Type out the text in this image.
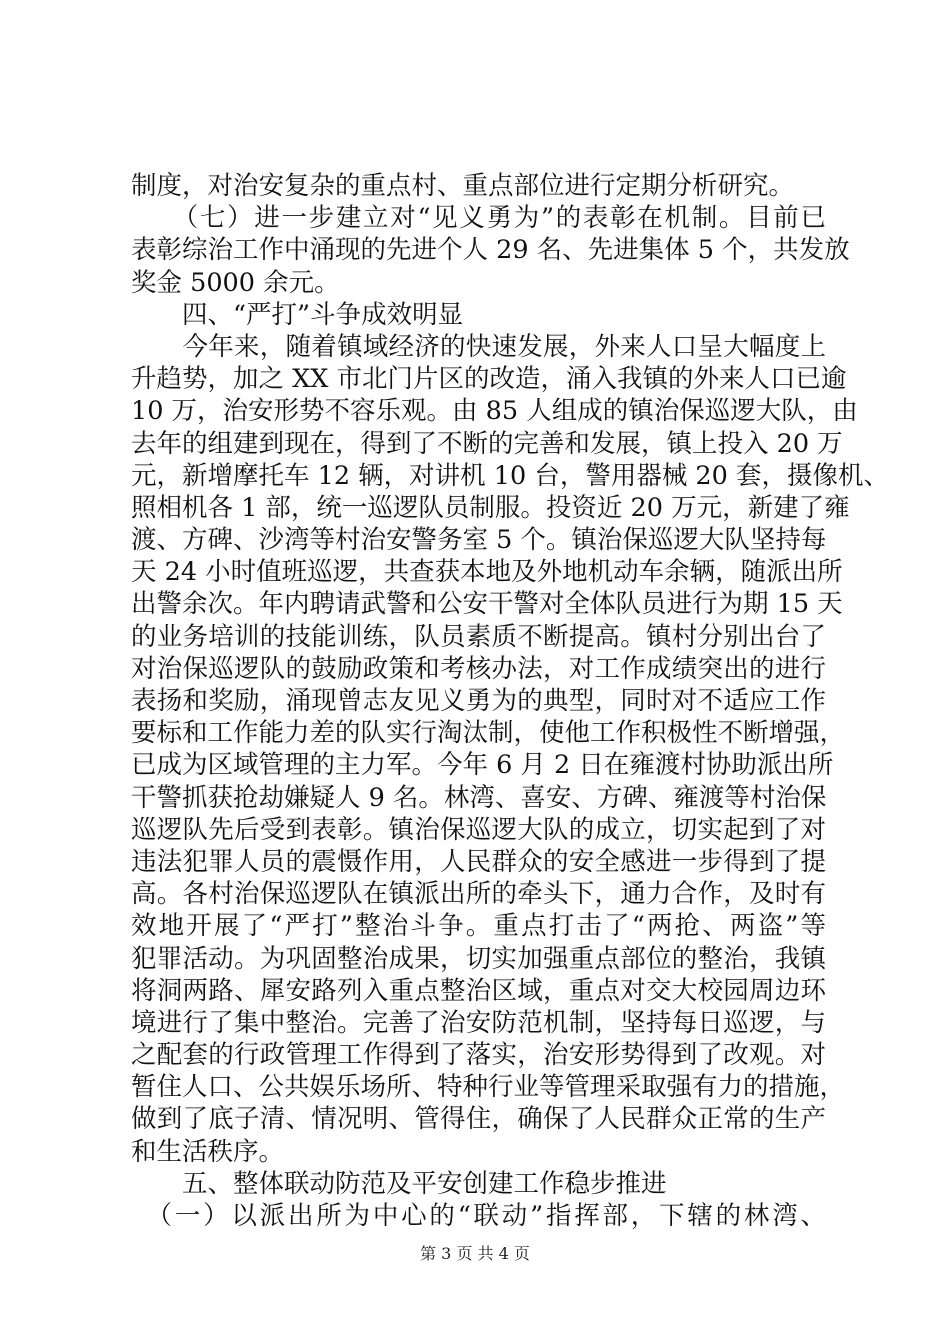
制度，对治安复杂的重点村、重点部位进行定期分析研究。
　　（七）进一步建立对“见义勇为”的表彰在机制。目前已
表彰综治工作中涌现的先进个人 29 名、先进集体 5 个，共发放
奖金 5000 余元。
　　四、“严打”斗争成效明显
　　今年来，随着镇域经济的快速发展，外来人口呈大幅度上
升趋势，加之 XX 市北门片区的改造，涌入我镇的外来人口已逾
10 万，治安形势不容乐观。由 85 人组成的镇治保巡逻大队，由
去年的组建到现在，得到了不断的完善和发展，镇上投入 20 万
元，新增摩托车 12 辆，对讲机 10 台，警用器械 20 套，摄像机、
照相机各 1 部，统一巡逻队员制服。投资近 20 万元，新建了雍
渡、方碑、沙湾等村治安警务室 5 个。镇治保巡逻大队坚持每
天 24 小时值班巡逻，共查获本地及外地机动车余辆，随派出所
出警余次。年内聘请武警和公安干警对全体队员进行为期 15 天
的业务培训的技能训练，队员素质不断提高。镇村分别出台了
对治保巡逻队的鼓励政策和考核办法，对工作成绩突出的进行
表扬和奖励，涌现曾志友见义勇为的典型，同时对不适应工作
要标和工作能力差的队实行淘汰制，使他工作积极性不断增强，
已成为区域管理的主力军。今年 6 月 2 日在雍渡村协助派出所
干警抓获抢劫嫌疑人 9 名。林湾、喜安、方碑、雍渡等村治保
巡逻队先后受到表彰。镇治保巡逻大队的成立，切实起到了对
违法犯罪人员的震慑作用，人民群众的安全感进一步得到了提
高。各村治保巡逻队在镇派出所的牵头下，通力合作，及时有
效地开展了“严打”整治斗争。重点打击了“两抢、两盗”等
犯罪活动。为巩固整治成果，切实加强重点部位的整治，我镇
将洞两路、犀安路列入重点整治区域，重点对交大校园周边环
境进行了集中整治。完善了治安防范机制，坚持每日巡逻，与
之配套的行政管理工作得到了落实，治安形势得到了改观。对
暂住人口、公共娱乐场所、特种行业等管理采取强有力的措施，
做到了底子清、情况明、管得住，确保了人民群众正常的生产
和生活秩序。
　　五、整体联动防范及平安创建工作稳步推进
　（一）以派出所为中心的“联动”指挥部，下辖的林湾、
第 3 页 共 4 页
